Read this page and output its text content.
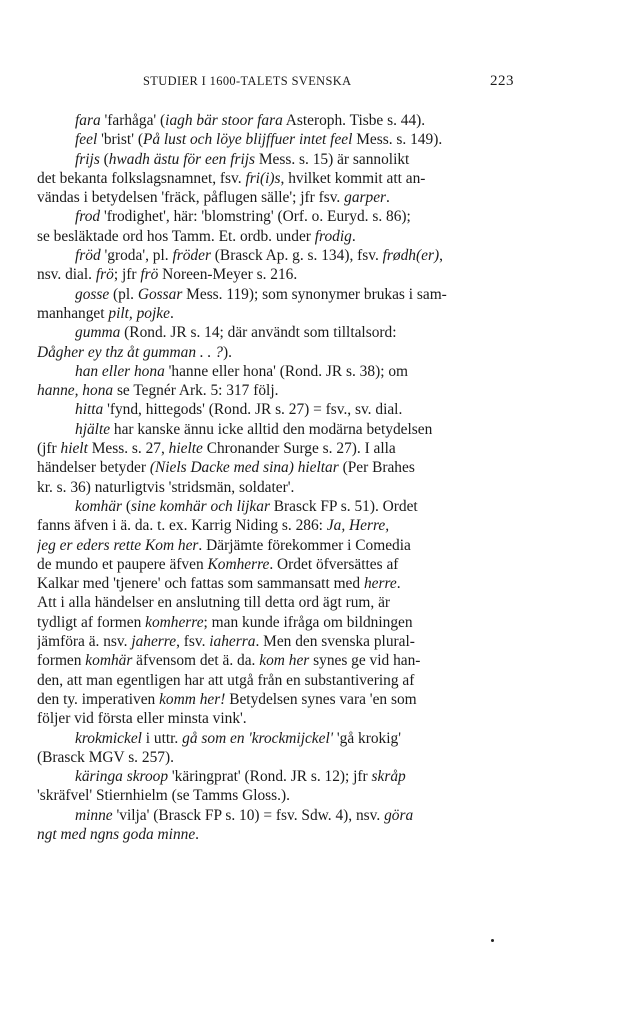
STUDIER I 1600-TALETS SVENSKA	223
fara 'farhåga' (iagh bär stoor fara Asteroph. Tisbe s. 44).
feel 'brist' (På lust och löye blijffuer intet feel Mess. s. 149).
frijs (hwadh ästu för een frijs Mess. s. 15) är sannolikt
det bekanta folkslagsnamnet, fsv. fri(i)s, hvilket kommit att an-
vändas i betydelsen 'fräck, påflugen sälle'; jfr fsv. garper.
frod 'frodighet', här: 'blomstring' (Orf. o. Euryd. s. 86);
se besläktade ord hos Tamm. Et. ordb. under frodig.
fröd 'groda', pl. fröder (Brasck Ap. g. s. 134), fsv. frødh(er),
nsv. dial. frö; jfr frö Noreen-Meyer s. 216.
gosse (pl. Gossar Mess. 119); som synonymer brukas i sam-
manhanget pilt, pojke.
gumma (Rond. JR s. 14; där användt som tilltalsord:
Dågher ey thz åt gumman . . ?).
han eller hona 'hanne eller hona' (Rond. JR s. 38); om
hanne, hona se Tegnér Ark. 5: 317 följ.
hitta 'fynd, hittegods' (Rond. JR s. 27) = fsv., sv. dial.
hjälte har kanske ännu icke alltid den modärna betydelsen
(jfr hielt Mess. s. 27, hielte Chronander Surge s. 27). I alla
händelser betyder (Niels Dacke med sina) hieltar (Per Brahes
kr. s. 36) naturligtvis 'stridsmän, soldater'.
komhär (sine komhär och lijkar Brasck FP s. 51). Ordet
fanns äfven i ä. da. t. ex. Karrig Niding s. 286: Ja, Herre,
jeg er eders rette Kom her. Därjämte förekommer i Comedia
de mundo et paupere äfven Komherre. Ordet öfversättes af
Kalkar med 'tjenere' och fattas som sammansatt med herre.
Att i alla händelser en anslutning till detta ord ägt rum, är
tydligt af formen komherre; man kunde ifråga om bildningen
jämföra ä. nsv. jaherre, fsv. iaherra. Men den svenska plural-
formen komhär äfvensom det ä. da. kom her synes ge vid han-
den, att man egentligen har att utgå från en substantivering af
den ty. imperativen komm her! Betydelsen synes vara 'en som
följer vid första eller minsta vink'.
krokmickel i uttr. gå som en 'krockmijckel' 'gå krokig'
(Brasck MGV s. 257).
käringa skroop 'käringprat' (Rond. JR s. 12); jfr skråp
'skräfvel' Stiernhielm (se Tamms Gloss.).
minne 'vilja' (Brasck FP s. 10) = fsv. Sdw. 4), nsv. göra
ngt med ngns goda minne.
